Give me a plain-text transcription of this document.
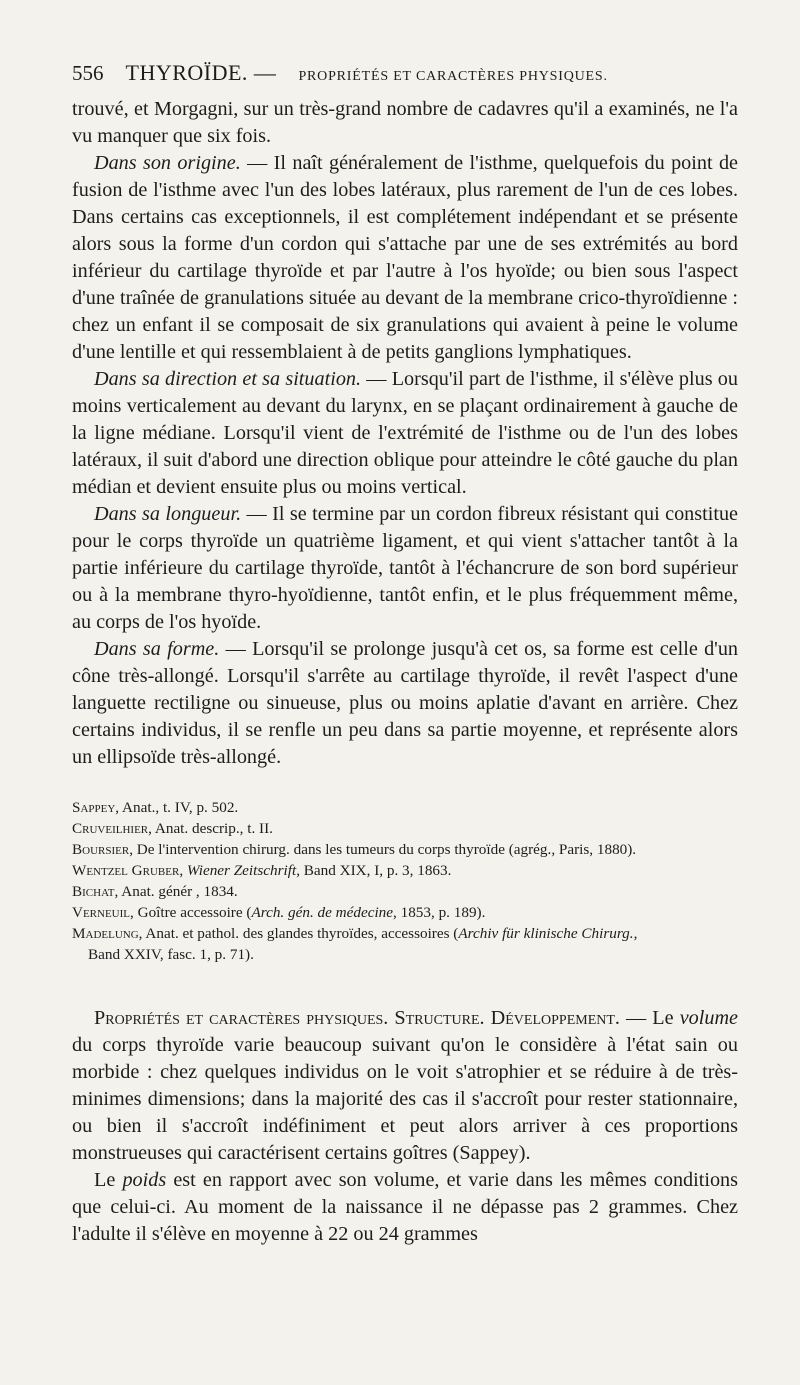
556 THYROÏDE. — PROPRIÉTÉS ET CARACTÈRES PHYSIQUES.

trouvé, et Morgagni, sur un très-grand nombre de cadavres qu'il a examinés, ne l'a vu manquer que six fois.

Dans son origine. — Il naît généralement de l'isthme, quelquefois du point de fusion de l'isthme avec l'un des lobes latéraux, plus rarement de l'un de ces lobes. Dans certains cas exceptionnels, il est complétement indépendant et se présente alors sous la forme d'un cordon qui s'attache par une de ses extrémités au bord inférieur du cartilage thyroïde et par l'autre à l'os hyoïde; ou bien sous l'aspect d'une traînée de granulations située au devant de la membrane crico-thyroïdienne : chez un enfant il se composait de six granulations qui avaient à peine le volume d'une lentille et qui ressemblaient à de petits ganglions lymphatiques.

Dans sa direction et sa situation. — Lorsqu'il part de l'isthme, il s'élève plus ou moins verticalement au devant du larynx, en se plaçant ordinairement à gauche de la ligne médiane. Lorsqu'il vient de l'extrémité de l'isthme ou de l'un des lobes latéraux, il suit d'abord une direction oblique pour atteindre le côté gauche du plan médian et devient ensuite plus ou moins vertical.

Dans sa longueur. — Il se termine par un cordon fibreux résistant qui constitue pour le corps thyroïde un quatrième ligament, et qui vient s'attacher tantôt à la partie inférieure du cartilage thyroïde, tantôt à l'échancrure de son bord supérieur ou à la membrane thyro-hyoïdienne, tantôt enfin, et le plus fréquemment même, au corps de l'os hyoïde.

Dans sa forme. — Lorsqu'il se prolonge jusqu'à cet os, sa forme est celle d'un cône très-allongé. Lorsqu'il s'arrête au cartilage thyroïde, il revêt l'aspect d'une languette rectiligne ou sinueuse, plus ou moins aplatie d'avant en arrière. Chez certains individus, il se renfle un peu dans sa partie moyenne, et représente alors un ellipsoïde très-allongé.

Sappey, Anat., t. IV, p. 502.

Cruveilhier, Anat. descrip., t. II.

Boursier, De l'intervention chirurg. dans les tumeurs du corps thyroïde (agrég., Paris, 1880).

Wentzel Gruber, Wiener Zeitschrift, Band XIX, I, p. 3, 1863.

Bichat, Anat. génér , 1834.

Verneuil, Goître accessoire (Arch. gén. de médecine, 1853, p. 189).

Madelung, Anat. et pathol. des glandes thyroïdes, accessoires (Archiv für klinische Chirurg.,

Band XXIV, fasc. 1, p. 71).

Propriétés et caractères physiques. Structure. Développement. — Le volume du corps thyroïde varie beaucoup suivant qu'on le considère à l'état sain ou morbide : chez quelques individus on le voit s'atrophier et se réduire à de très-minimes dimensions; dans la majorité des cas il s'accroît pour rester stationnaire, ou bien il s'accroît indéfiniment et peut alors arriver à ces proportions monstrueuses qui caractérisent certains goîtres (Sappey).

Le poids est en rapport avec son volume, et varie dans les mêmes conditions que celui-ci. Au moment de la naissance il ne dépasse pas 2 grammes. Chez l'adulte il s'élève en moyenne à 22 ou 24 grammes
